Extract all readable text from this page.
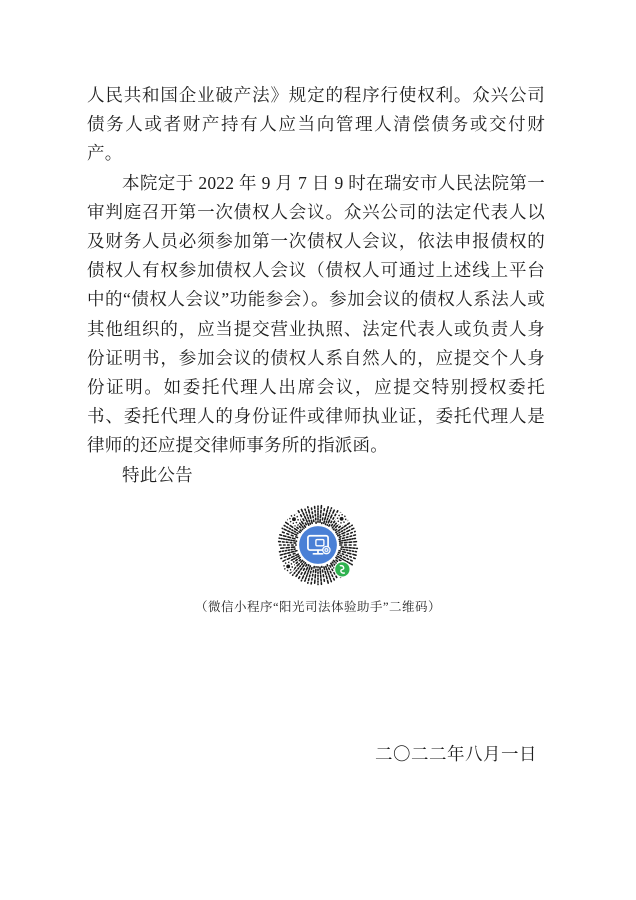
人民共和国企业破产法》规定的程序行使权利。众兴公司债务人或者财产持有人应当向管理人清偿债务或交付财产。

本院定于 2022 年 9 月 7 日 9 时在瑞安市人民法院第一审判庭召开第一次债权人会议。众兴公司的法定代表人以及财务人员必须参加第一次债权人会议，依法申报债权的债权人有权参加债权人会议（债权人可通过上述线上平台中的“债权人会议”功能参会）。参加会议的债权人系法人或其他组织的，应当提交营业执照、法定代表人或负责人身份证明书，参加会议的债权人系自然人的，应提交个人身份证明。如委托代理人出席会议，应提交特别授权委托书、委托代理人的身份证件或律师执业证，委托代理人是律师的还应提交律师事务所的指派函。

特此公告

（微信小程序“阳光司法体验助手”二维码）
二〇二二年八月一日
